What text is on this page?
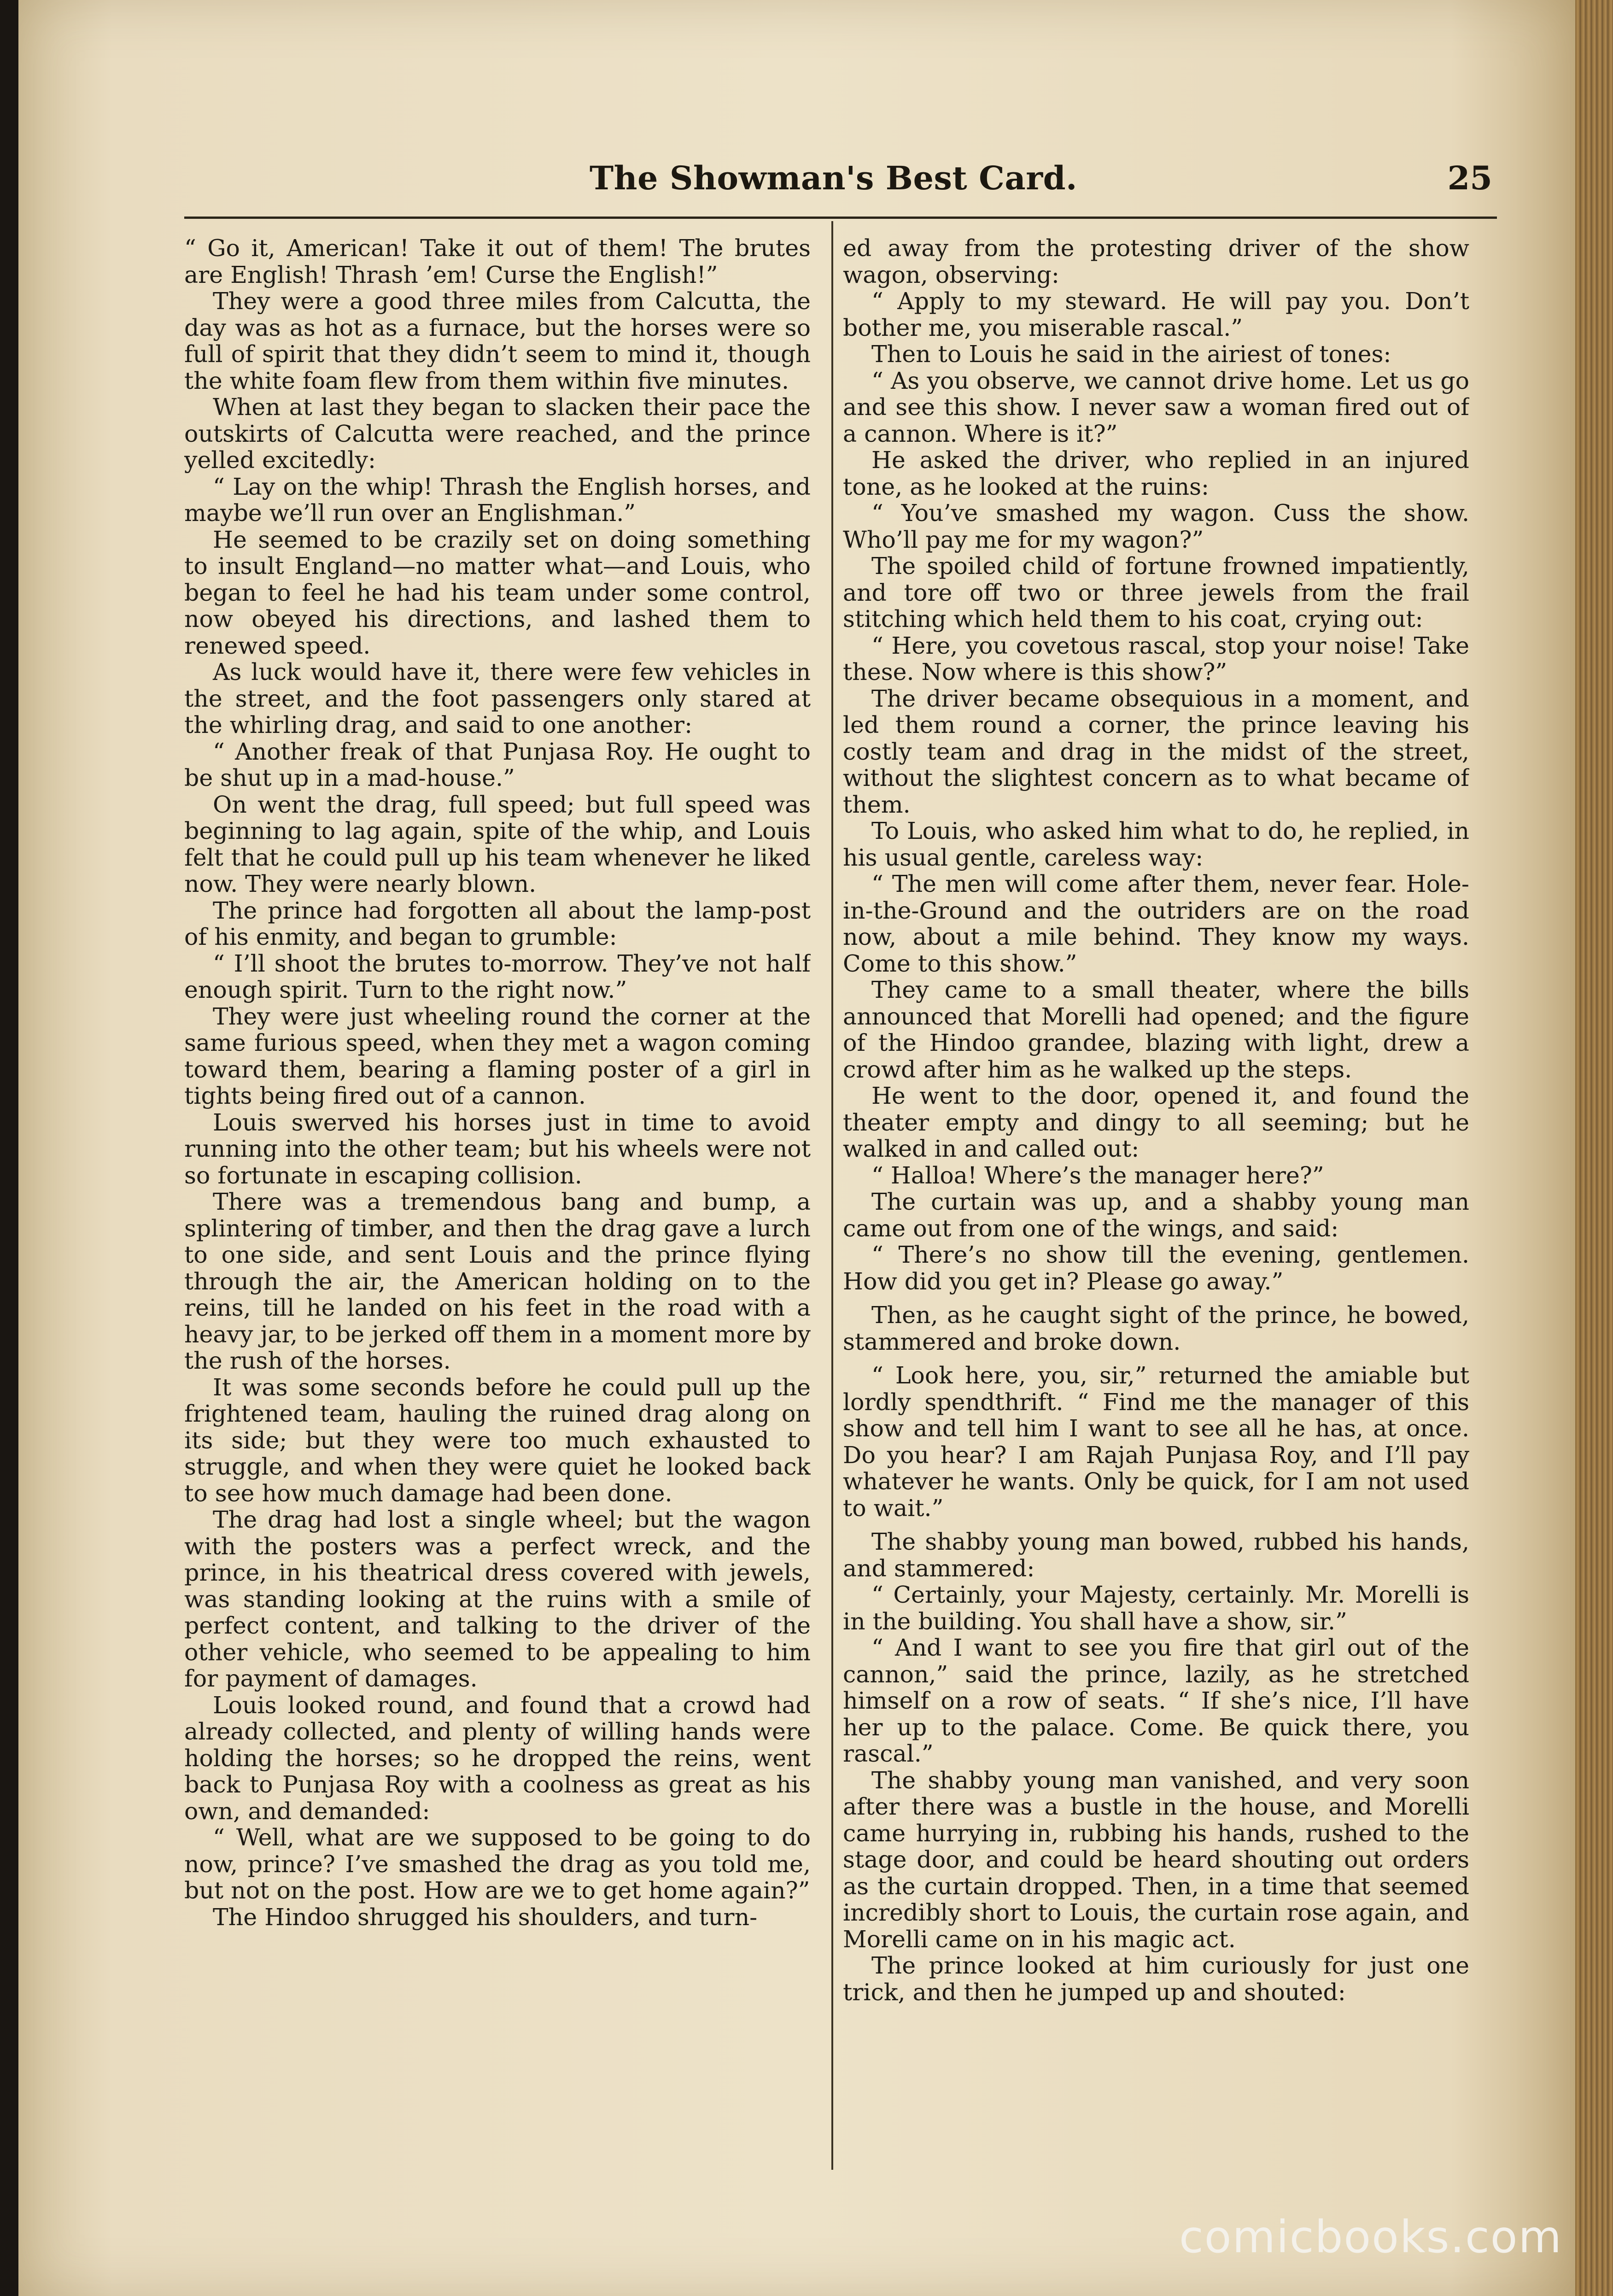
The Showman's Best Card.	25

“ Go it, American! Take it out of them! The brutes are English! Thrash ’em! Curse the English!”

They were a good three miles from Calcutta, the day was as hot as a furnace, but the horses were so full of spirit that they didn’t seem to mind it, though the white foam flew from them within five minutes.

When at last they began to slacken their pace the outskirts of Calcutta were reached, and the prince yelled excitedly:

“ Lay on the whip! Thrash the English horses, and maybe we’ll run over an Englishman.”

He seemed to be crazily set on doing something to insult England—no matter what—and Louis, who began to feel he had his team under some control, now obeyed his directions, and lashed them to renewed speed.

As luck would have it, there were few vehicles in the street, and the foot passengers only stared at the whirling drag, and said to one another:

“ Another freak of that Punjasa Roy. He ought to be shut up in a mad-house.”

On went the drag, full speed; but full speed was beginning to lag again, spite of the whip, and Louis felt that he could pull up his team whenever he liked now. They were nearly blown.

The prince had forgotten all about the lamp-post of his enmity, and began to grumble:

“ I’ll shoot the brutes to-morrow. They’ve not half enough spirit. Turn to the right now.”

They were just wheeling round the corner at the same furious speed, when they met a wagon coming toward them, bearing a flaming poster of a girl in tights being fired out of a cannon.

Louis swerved his horses just in time to avoid running into the other team; but his wheels were not so fortunate in escaping collision.

There was a tremendous bang and bump, a splintering of timber, and then the drag gave a lurch to one side, and sent Louis and the prince flying through the air, the American holding on to the reins, till he landed on his feet in the road with a heavy jar, to be jerked off them in a moment more by the rush of the horses.

It was some seconds before he could pull up the frightened team, hauling the ruined drag along on its side; but they were too much exhausted to struggle, and when they were quiet he looked back to see how much damage had been done.

The drag had lost a single wheel; but the wagon with the posters was a perfect wreck, and the prince, in his theatrical dress covered with jewels, was standing looking at the ruins with a smile of perfect content, and talking to the driver of the other vehicle, who seemed to be appealing to him for payment of damages.

Louis looked round, and found that a crowd had already collected, and plenty of willing hands were holding the horses; so he dropped the reins, went back to Punjasa Roy with a coolness as great as his own, and demanded:

“ Well, what are we supposed to be going to do now, prince? I’ve smashed the drag as you told me, but not on the post. How are we to get home again?”

The Hindoo shrugged his shoulders, and turn-

ed away from the protesting driver of the show wagon, observing:

“ Apply to my steward. He will pay you. Don’t bother me, you miserable rascal.”

Then to Louis he said in the airiest of tones:

“ As you observe, we cannot drive home. Let us go and see this show. I never saw a woman fired out of a cannon. Where is it?”

He asked the driver, who replied in an injured tone, as he looked at the ruins:

“ You’ve smashed my wagon. Cuss the show. Who’ll pay me for my wagon?”

The spoiled child of fortune frowned impatiently, and tore off two or three jewels from the frail stitching which held them to his coat, crying out:

“ Here, you covetous rascal, stop your noise! Take these. Now where is this show?”

The driver became obsequious in a moment, and led them round a corner, the prince leaving his costly team and drag in the midst of the street, without the slightest concern as to what became of them.

To Louis, who asked him what to do, he replied, in his usual gentle, careless way:

“ The men will come after them, never fear. Hole-in-the-Ground and the outriders are on the road now, about a mile behind. They know my ways. Come to this show.”

They came to a small theater, where the bills announced that Morelli had opened; and the figure of the Hindoo grandee, blazing with light, drew a crowd after him as he walked up the steps.

He went to the door, opened it, and found the theater empty and dingy to all seeming; but he walked in and called out:

“ Halloa! Where’s the manager here?”

The curtain was up, and a shabby young man came out from one of the wings, and said:

“ There’s no show till the evening, gentlemen. How did you get in? Please go away.”

Then, as he caught sight of the prince, he bowed, stammered and broke down.

“ Look here, you, sir,” returned the amiable but lordly spendthrift. “ Find me the manager of this show and tell him I want to see all he has, at once. Do you hear? I am Rajah Punjasa Roy, and I’ll pay whatever he wants. Only be quick, for I am not used to wait.”

The shabby young man bowed, rubbed his hands, and stammered:

“ Certainly, your Majesty, certainly. Mr. Morelli is in the building. You shall have a show, sir.”

“ And I want to see you fire that girl out of the cannon,” said the prince, lazily, as he stretched himself on a row of seats. “ If she’s nice, I’ll have her up to the palace. Come. Be quick there, you rascal.”

The shabby young man vanished, and very soon after there was a bustle in the house, and Morelli came hurrying in, rubbing his hands, rushed to the stage door, and could be heard shouting out orders as the curtain dropped. Then, in a time that seemed incredibly short to Louis, the curtain rose again, and Morelli came on in his magic act.

The prince looked at him curiously for just one trick, and then he jumped up and shouted:

comicbooks.com
